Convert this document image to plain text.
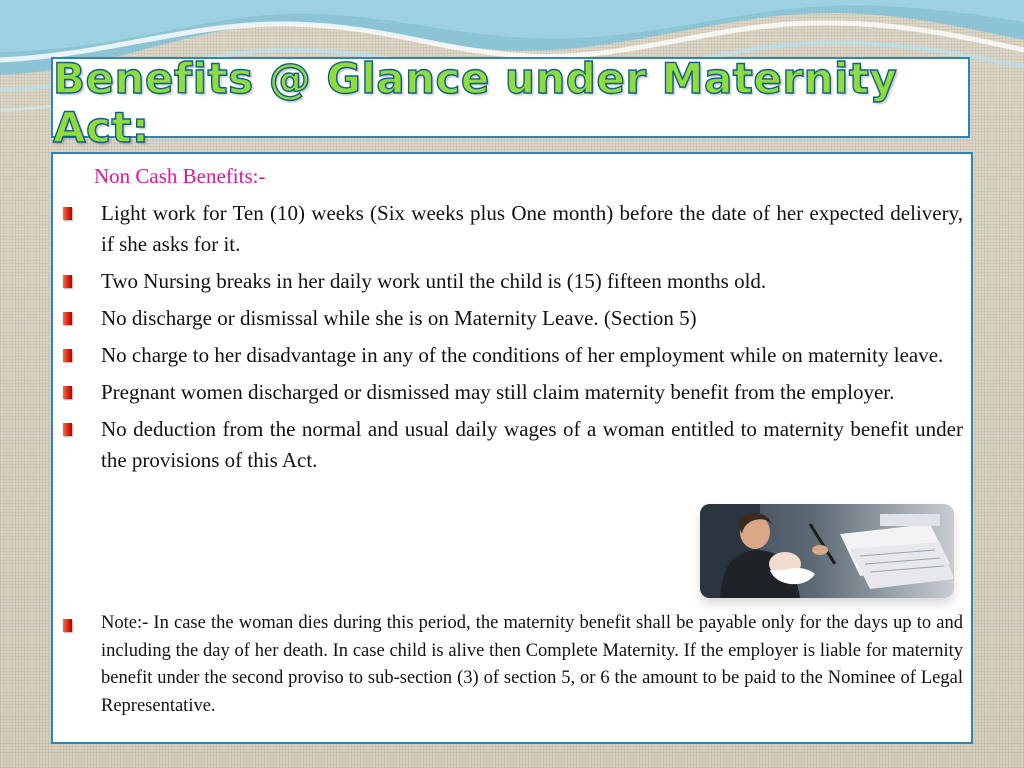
Benefits @ Glance under Maternity Act:

Non Cash Benefits:-

Light work for Ten (10) weeks (Six weeks plus One month) before the date of her expected delivery, if she asks for it.
Two Nursing breaks in her daily work until the child is (15) fifteen months old.
No discharge or dismissal while she is on Maternity Leave. (Section 5)
No charge to her disadvantage in any of the conditions of her employment while on maternity leave.
Pregnant women discharged or dismissed may still claim maternity benefit from the employer.
No deduction from the normal and usual daily wages of a woman entitled to maternity benefit under the provisions of this Act.

Note:- In case the woman dies during this period, the maternity benefit shall be payable only for the days up to and including the day of her death. In case child is alive then Complete Maternity. If the employer is liable for maternity benefit under the second proviso to sub-section (3) of section 5, or 6 the amount to be paid to the Nominee of Legal Representative.
